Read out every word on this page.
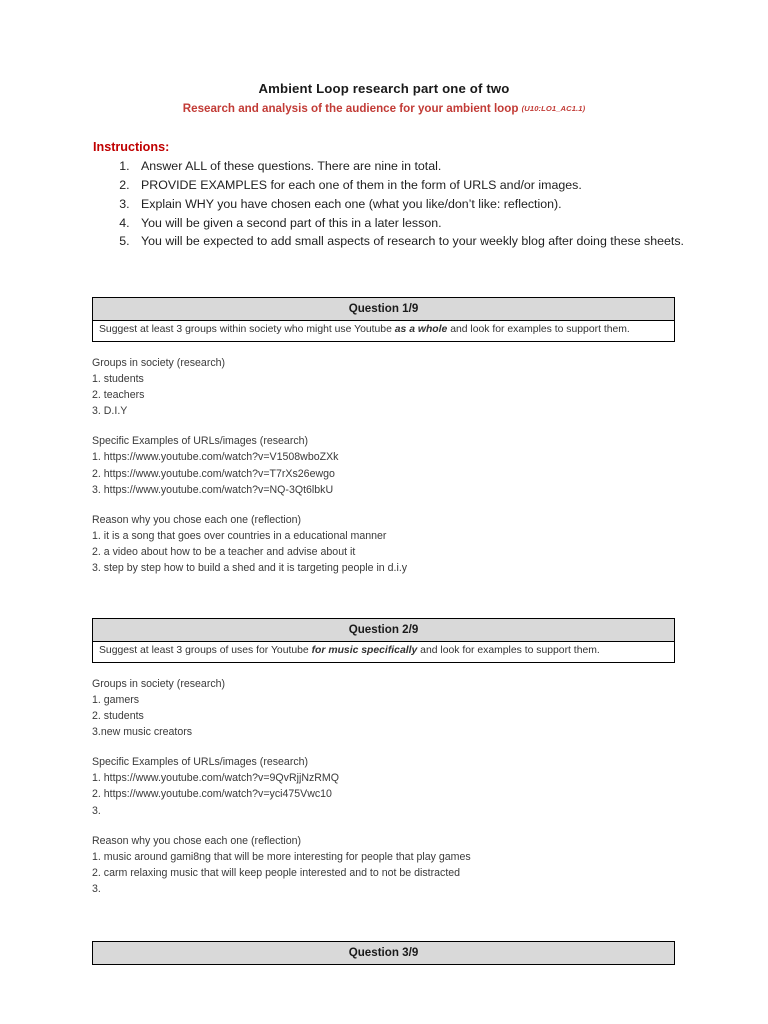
Ambient Loop research part one of two
Research and analysis of the audience for your ambient loop (U10:LO1_AC1.1)
Instructions:
1. Answer ALL of these questions. There are nine in total.
2. PROVIDE EXAMPLES for each one of them in the form of URLS and/or images.
3. Explain WHY you have chosen each one (what you like/don’t like: reflection).
4. You will be given a second part of this in a later lesson.
5. You will be expected to add small aspects of research to your weekly blog after doing these sheets.
Question 1/9
Suggest at least 3 groups within society who might use Youtube as a whole and look for examples to support them.
Groups in society (research)
1. students
2. teachers
3. D.I.Y
Specific Examples of URLs/images (research)
1. https://www.youtube.com/watch?v=V1508wboZXk
2. https://www.youtube.com/watch?v=T7rXs26ewgo
3. https://www.youtube.com/watch?v=NQ-3Qt6lbkU
Reason why you chose each one (reflection)
1. it is a song that goes over countries in a educational manner
2. a video about how to be a teacher and advise about it
3. step by step how to build a shed and it is targeting people in d.i.y
Question 2/9
Suggest at least 3 groups of uses for Youtube for music specifically and look for examples to support them.
Groups in society (research)
1. gamers
2. students
3.new music creators
Specific Examples of URLs/images (research)
1. https://www.youtube.com/watch?v=9QvRjjNzRMQ
2. https://www.youtube.com/watch?v=yci475Vwc10
3.
Reason why you chose each one (reflection)
1. music around gami8ng that will be more interesting for people that play games
2. carm relaxing music that will keep people interested and to not be distracted
3.
Question 3/9
